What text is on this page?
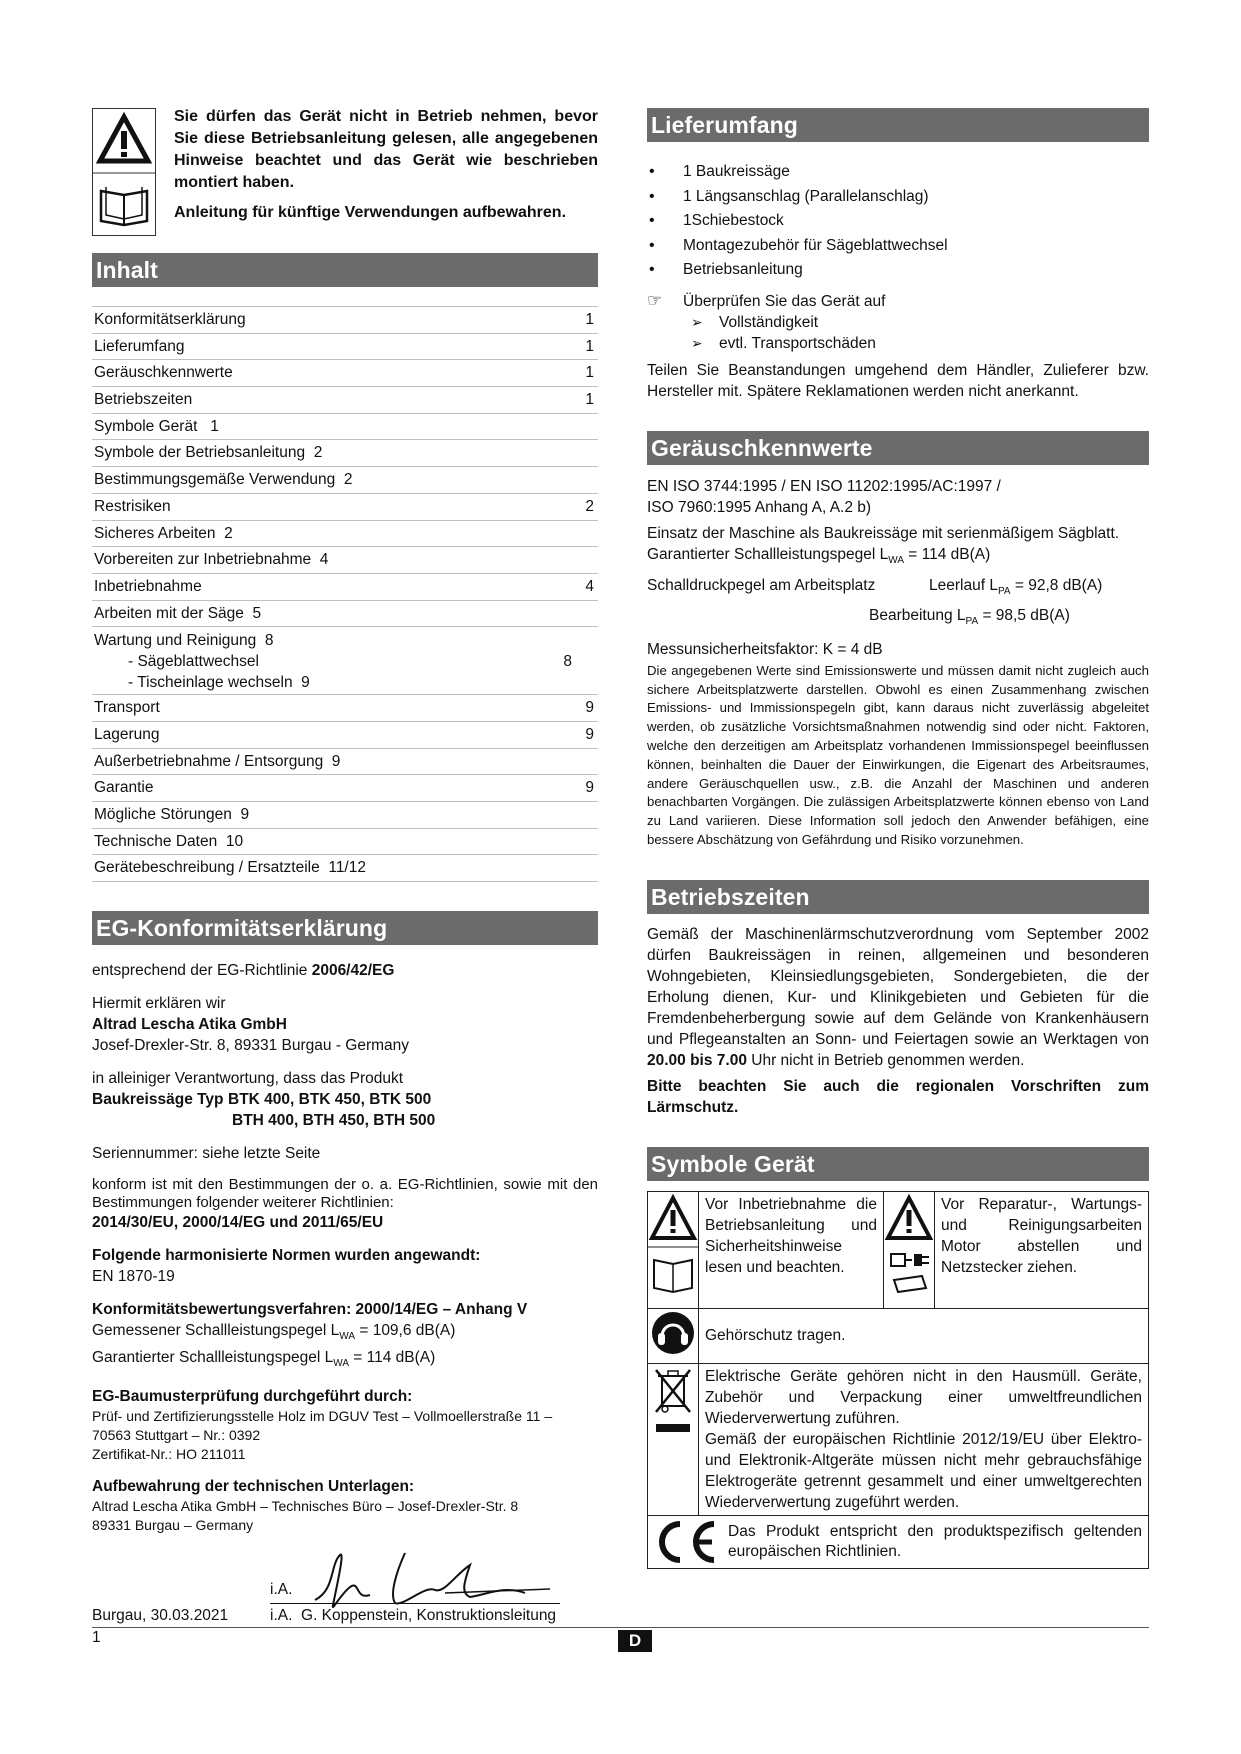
Sie dürfen das Gerät nicht in Betrieb nehmen, bevor Sie diese Betriebsanleitung gelesen, alle angegebenen Hinweise beachtet und das Gerät wie beschrieben montiert haben.
Anleitung für künftige Verwendungen aufbewahren.
Inhalt
Konformitätserklärung	1
Lieferumfang	1
Geräuschkennwerte	1
Betriebszeiten	1
Symbole Gerät   1
Symbole der Betriebsanleitung  2
Bestimmungsgemäße Verwendung  2
Restrisiken	2
Sicheres Arbeiten  2
Vorbereiten zur Inbetriebnahme  4
Inbetriebnahme	4
Arbeiten mit der Säge  5
Wartung und Reinigung  8
- Sägeblattwechsel	8
- Tischeinlage wechseln  9
Transport	9
Lagerung	9
Außerbetriebnahme / Entsorgung  9
Garantie	9
Mögliche Störungen  9
Technische Daten  10
Gerätebeschreibung / Ersatzteile  11/12
EG-Konformitätserklärung
entsprechend der EG-Richtlinie 2006/42/EG
Hiermit erklären wir
Altrad Lescha Atika GmbH
Josef-Drexler-Str. 8, 89331 Burgau - Germany
in alleiniger Verantwortung, dass das Produkt
Baukreissäge Typ BTK 400, BTK 450, BTK 500
BTH 400, BTH 450, BTH 500
Seriennummer: siehe letzte Seite
konform ist mit den Bestimmungen der o. a. EG-Richtlinien, sowie mit den Bestimmungen folgender weiterer Richtlinien:
2014/30/EU, 2000/14/EG und 2011/65/EU
Folgende harmonisierte Normen wurden angewandt:
EN 1870-19
Konformitätsbewertungsverfahren: 2000/14/EG – Anhang V
Gemessener Schallleistungspegel $L_{WA} = 109,6$ dB(A)
Garantierter Schallleistungspegel $L_{WA} = 114$ dB(A)
EG-Baumusterprüfung durchgeführt durch:
Prüf- und Zertifizierungsstelle Holz im DGUV Test – Vollmoellerstraße 11 –
70563 Stuttgart – Nr.: 0392
Zertifikat-Nr.: HO 211011
Aufbewahrung der technischen Unterlagen:
Altrad Lescha Atika GmbH – Technisches Büro – Josef-Drexler-Str. 8
89331 Burgau – Germany
i.A.
Burgau, 30.03.2021	i.A.  G. Koppenstein, Konstruktionsleitung
Lieferumfang
• 1 Baukreissäge
• 1 Längsanschlag (Parallelanschlag)
• 1Schiebestock
• Montagezubehör für Sägeblattwechsel
• Betriebsanleitung
☞ Überprüfen Sie das Gerät auf
➢ Vollständigkeit
➢ evtl. Transportschäden
Teilen Sie Beanstandungen umgehend dem Händler, Zulieferer bzw. Hersteller mit. Spätere Reklamationen werden nicht anerkannt.
Geräuschkennwerte
EN ISO 3744:1995 / EN ISO 11202:1995/AC:1997 /
ISO 7960:1995 Anhang A, A.2 b)
Einsatz der Maschine als Baukreissäge mit serienmäßigem Sägblatt.
Garantierter Schallleistungspegel $L_{WA} = 114$ dB(A)
Schalldruckpegel am Arbeitsplatz	Leerlauf $L_{PA} = 92,8$ dB(A)
Bearbeitung $L_{PA} = 98,5$ dB(A)
Messunsicherheitsfaktor: K = 4 dB
Die angegebenen Werte sind Emissionswerte und müssen damit nicht zugleich auch sichere Arbeitsplatzwerte darstellen. Obwohl es einen Zusammenhang zwischen Emissions- und Immissionspegeln gibt, kann daraus nicht zuverlässig abgeleitet werden, ob zusätzliche Vorsichtsmaßnahmen notwendig sind oder nicht. Faktoren, welche den derzeitigen am Arbeitsplatz vorhandenen Immissionspegel beeinflussen können, beinhalten die Dauer der Einwirkungen, die Eigenart des Arbeitsraumes, andere Geräuschquellen usw., z.B. die Anzahl der Maschinen und anderen benachbarten Vorgängen. Die zulässigen Arbeitsplatzwerte können ebenso von Land zu Land variieren. Diese Information soll jedoch den Anwender befähigen, eine bessere Abschätzung von Gefährdung und Risiko vorzunehmen.
Betriebszeiten
Gemäß der Maschinenlärmschutzverordnung vom September 2002 dürfen Baukreissägen in reinen, allgemeinen und besonderen Wohngebieten, Kleinsiedlungsgebieten, Sondergebieten, die der Erholung dienen, Kur- und Klinikgebieten und Gebieten für die Fremdenbeherbergung sowie auf dem Gelände von Krankenhäusern und Pflegeanstalten an Sonn- und Feiertagen sowie an Werktagen von 20.00 bis 7.00 Uhr nicht in Betrieb genommen werden.
Bitte beachten Sie auch die regionalen Vorschriften zum Lärmschutz.
Symbole Gerät
	Vor Inbetriebnahme die Betriebsanleitung und Sicherheitshinweise lesen und beachten.		Vor Reparatur-, Wartungs- und Reinigungsarbeiten Motor abstellen und Netzstecker ziehen.
	Gehörschutz tragen.		

Elektrische Geräte gehören nicht in den Hausmüll. Geräte, Zubehör und Verpackung einer umweltfreundlichen Wiederverwertung zuführen.
Gemäß der europäischen Richtlinie 2012/19/EU über Elektro- und Elektronik-Altgeräte müssen nicht mehr gebrauchsfähige Elektrogeräte getrennt gesammelt und einer umweltgerechten Wiederverwertung zugeführt werden.		

Das Produkt entspricht den produktspezifisch geltenden europäischen Richtlinien.			
1	D
